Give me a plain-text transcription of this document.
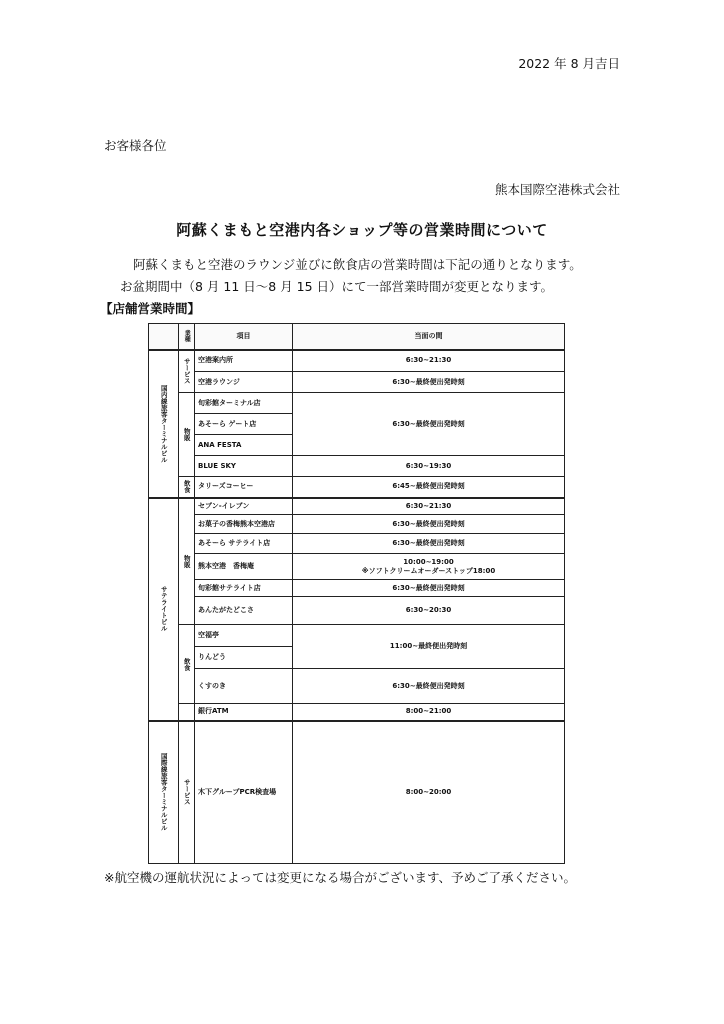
2022 年 8 月吉日
お客様各位
熊本国際空港株式会社
阿蘇くまもと空港内各ショップ等の営業時間について
阿蘇くまもと空港のラウンジ並びに飲食店の営業時間は下記の通りとなります。
お盆期間中（8 月 11 日～8 月 15 日）にて一部営業時間が変更となります。
【店舗営業時間】
	業種	項目	当面の間
国内線旅客ターミナルビル	サービス	空港案内所	6:30~21:30
		空港ラウンジ	6:30~最終便出発時刻
	物販	旬彩館ターミナル店	6:30~最終便出発時刻
		あそーら ゲート店	
		ANA FESTA	
		BLUE SKY	6:30~19:30
	飲食	タリーズコーヒー	6:45~最終便出発時刻
サテライトビル	物販	セブン-イレブン	6:30~21:30
		お菓子の香梅熊本空港店	6:30~最終便出発時刻
		あそーら サテライト店	6:30~最終便出発時刻
		熊本空港　香梅庵	10:00~19:00
※ソフトクリームオーダーストップ18:00

		旬彩館サテライト店	6:30~最終便出発時刻
		あんたがたどこさ	6:30~20:30
	飲食	空福亭	11:00~最終便出発時刻
		りんどう	
		くすのき	6:30~最終便出発時刻
		銀行ATM	8:00~21:00
国際線旅客ターミナルビル	サービス	木下グループPCR検査場	8:00~20:00
※航空機の運航状況によっては変更になる場合がございます、予めご了承ください。
